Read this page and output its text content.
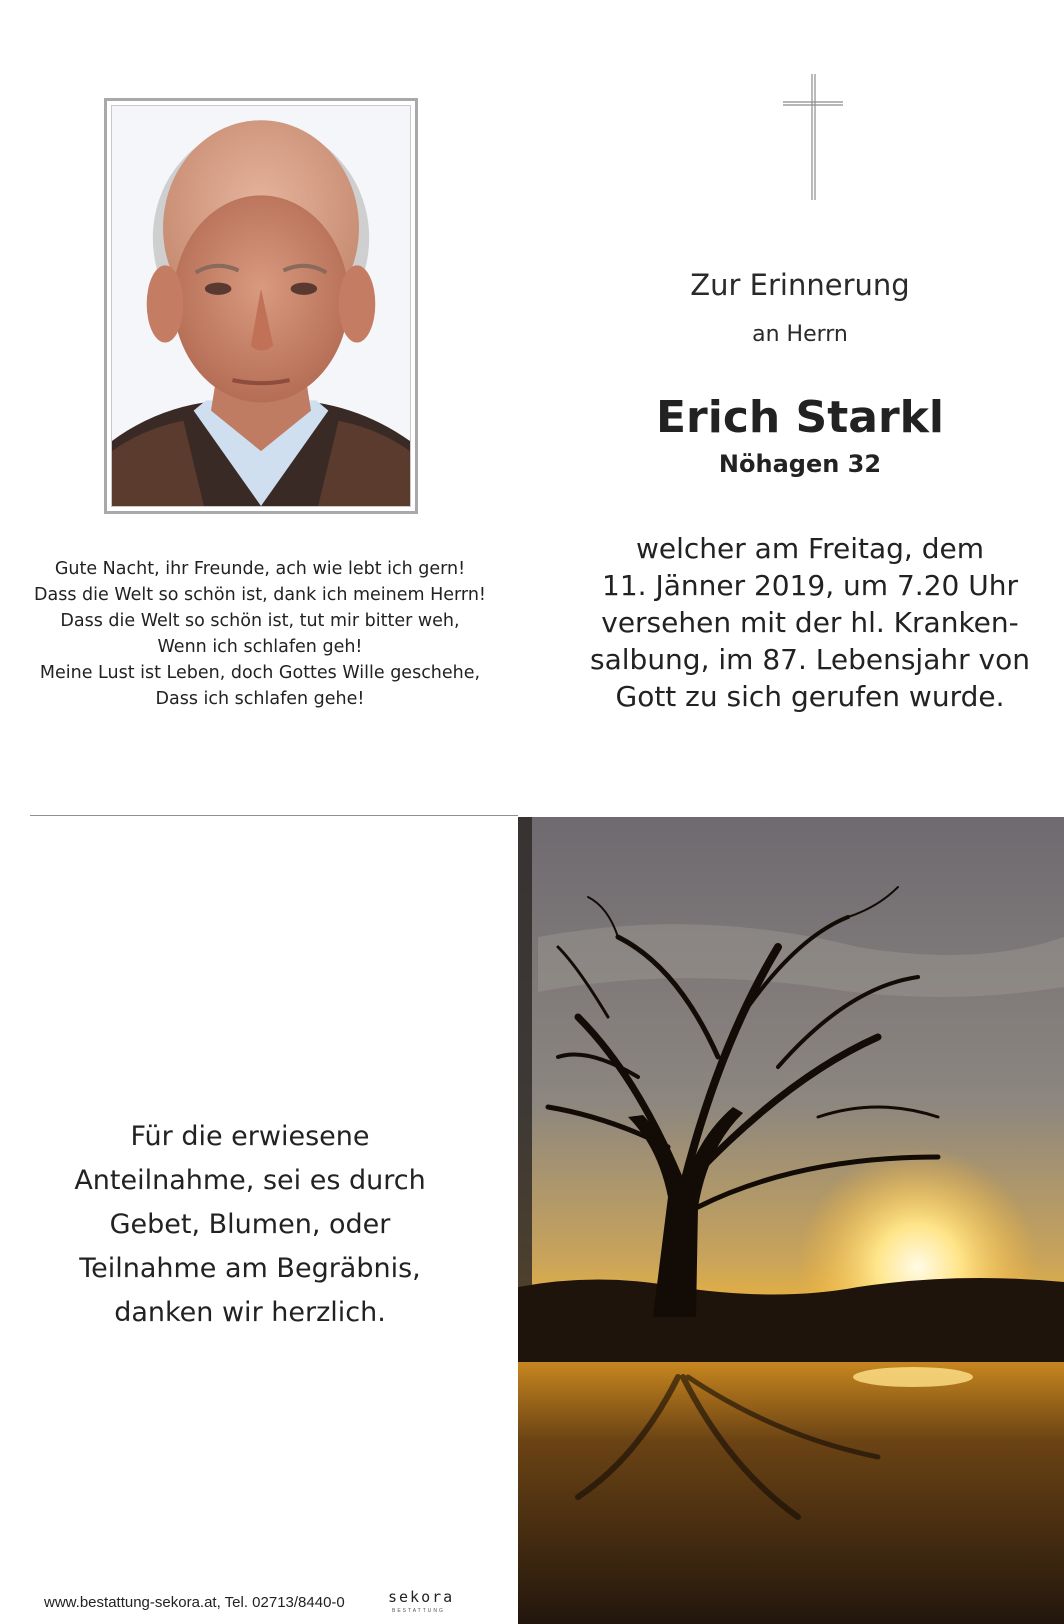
Gute Nacht, ihr Freunde, ach wie lebt ich gern!
Dass die Welt so schön ist, dank ich meinem Herrn!
Dass die Welt so schön ist, tut mir bitter weh,
Wenn ich schlafen geh!
Meine Lust ist Leben, doch Gottes Wille geschehe,
Dass ich schlafen gehe!
Zur Erinnerung
an Herrn
Erich Starkl
Nöhagen 32
welcher am Freitag, dem
11. Jänner 2019, um 7.20 Uhr
versehen mit der hl. Kranken-
salbung, im 87. Lebensjahr von
Gott zu sich gerufen wurde.
Für die erwiesene
Anteilnahme, sei es durch
Gebet, Blumen, oder
Teilnahme am Begräbnis,
danken wir herzlich.
www.bestattung-sekora.at, Tel. 02713/8440-0	sekora
BESTATTUNG
